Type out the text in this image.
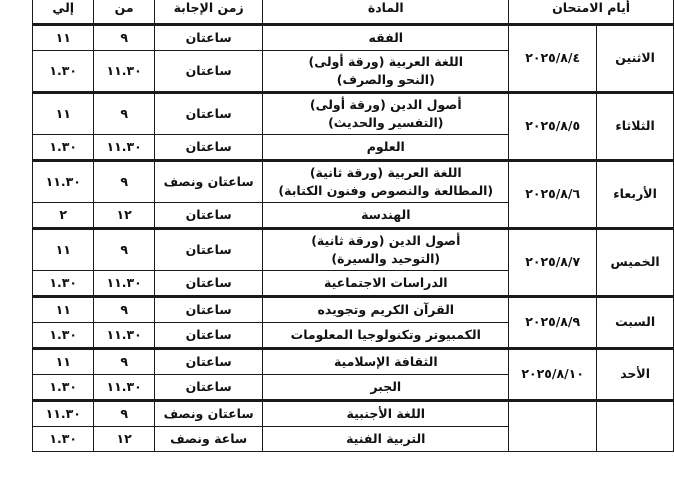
أيام الامتحان		المادة	زمن الإجابة	من	إلي
الاثنين	٢٠٢٥/٨/٤	الفقه	ساعتان	٩	١١

		اللغة العربية (ورقة أولى)
(النحو والصرف)	ساعتان	١١.٣٠	١.٣٠
الثلاثاء	٢٠٢٥/٨/٥	أصول الدين (ورقة أولى)
(التفسير والحديث)	ساعتان	٩	١١

		العلوم	ساعتان	١١.٣٠	١.٣٠
الأربعاء	٢٠٢٥/٨/٦	اللغة العربية (ورقة ثانية)
(المطالعة والنصوص وفنون الكتابة)	ساعتان ونصف	٩	١١.٣٠

		الهندسة	ساعتان	١٢	٢
الخميس	٢٠٢٥/٨/٧	أصول الدين (ورقة ثانية)
(التوحيد والسيرة)	ساعتان	٩	١١

		الدراسات الاجتماعية	ساعتان	١١.٣٠	١.٣٠
السبت	٢٠٢٥/٨/٩	القرآن الكريم وتجويده	ساعتان	٩	١١

		الكمبيوتر وتكنولوجيا المعلومات	ساعتان	١١.٣٠	١.٣٠
الأحد	٢٠٢٥/٨/١٠	الثقافة الإسلامية	ساعتان	٩	١١

		الجبر	ساعتان	١١.٣٠	١.٣٠

		اللغة الأجنبية	ساعتان ونصف	٩	١١.٣٠

		التربية الفنية	ساعة ونصف	١٢	١.٣٠
